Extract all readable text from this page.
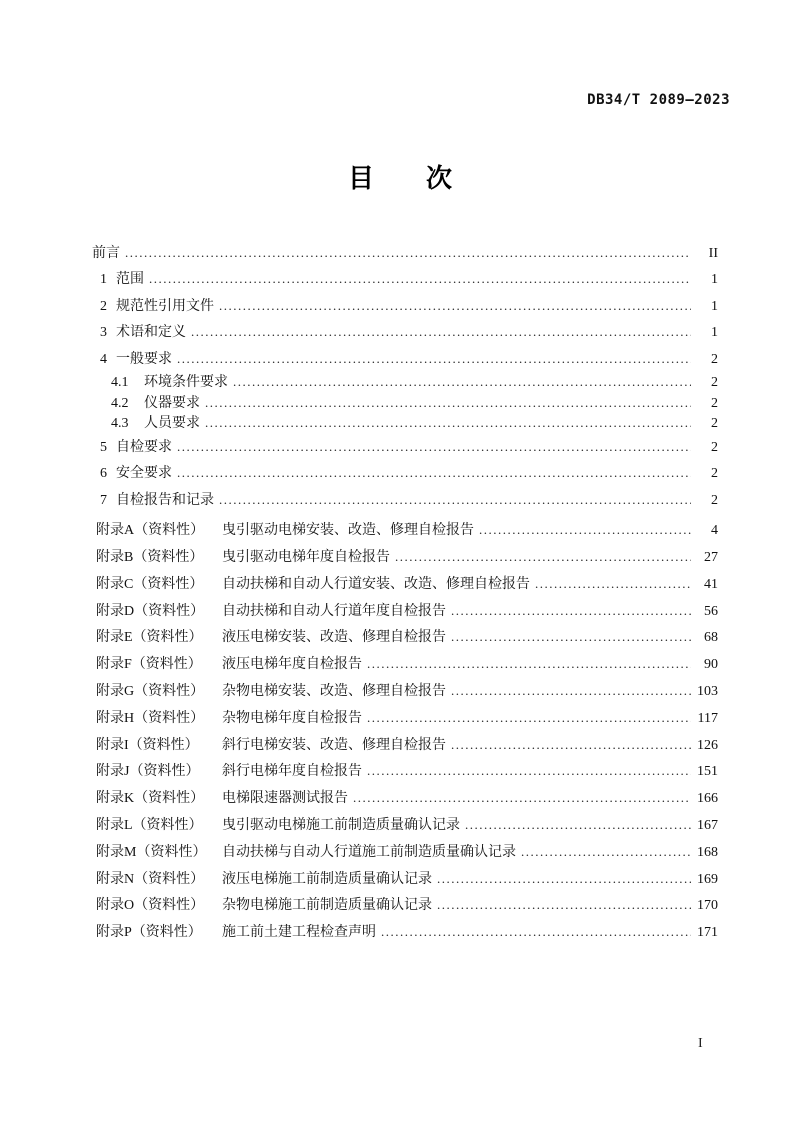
DB34/T 2089—2023
目　　次
前言 .....	II
1 范围 .....	1
2 规范性引用文件 .....	1
3 术语和定义 .....	1
4 一般要求 .....	2
4.1	环境条件要求 .....	2
4.2	仪器要求 .....	2
4.3	人员要求 .....	2
5 自检要求 .....	2
6 安全要求 .....	2
7 自检报告和记录 .....	2
附录A（资料性）	曳引驱动电梯安装、改造、修理自检报告 .....	4
附录B（资料性）	曳引驱动电梯年度自检报告 .....	27
附录C（资料性）	自动扶梯和自动人行道安装、改造、修理自检报告 .....	41
附录D（资料性）	自动扶梯和自动人行道年度自检报告 .....	56
附录E（资料性）	液压电梯安装、改造、修理自检报告 .....	68
附录F（资料性）	液压电梯年度自检报告 .....	90
附录G（资料性）	杂物电梯安装、改造、修理自检报告 .....	103
附录H（资料性）	杂物电梯年度自检报告 .....	117
附录I（资料性）	斜行电梯安装、改造、修理自检报告 .....	126
附录J（资料性）	斜行电梯年度自检报告 .....	151
附录K（资料性）	电梯限速器测试报告 .....	166
附录L（资料性）	曳引驱动电梯施工前制造质量确认记录 .....	167
附录M（资料性）	自动扶梯与自动人行道施工前制造质量确认记录 .....	168
附录N（资料性）	液压电梯施工前制造质量确认记录 .....	169
附录O（资料性）	杂物电梯施工前制造质量确认记录 .....	170
附录P（资料性）	施工前土建工程检查声明 .....	171
I
